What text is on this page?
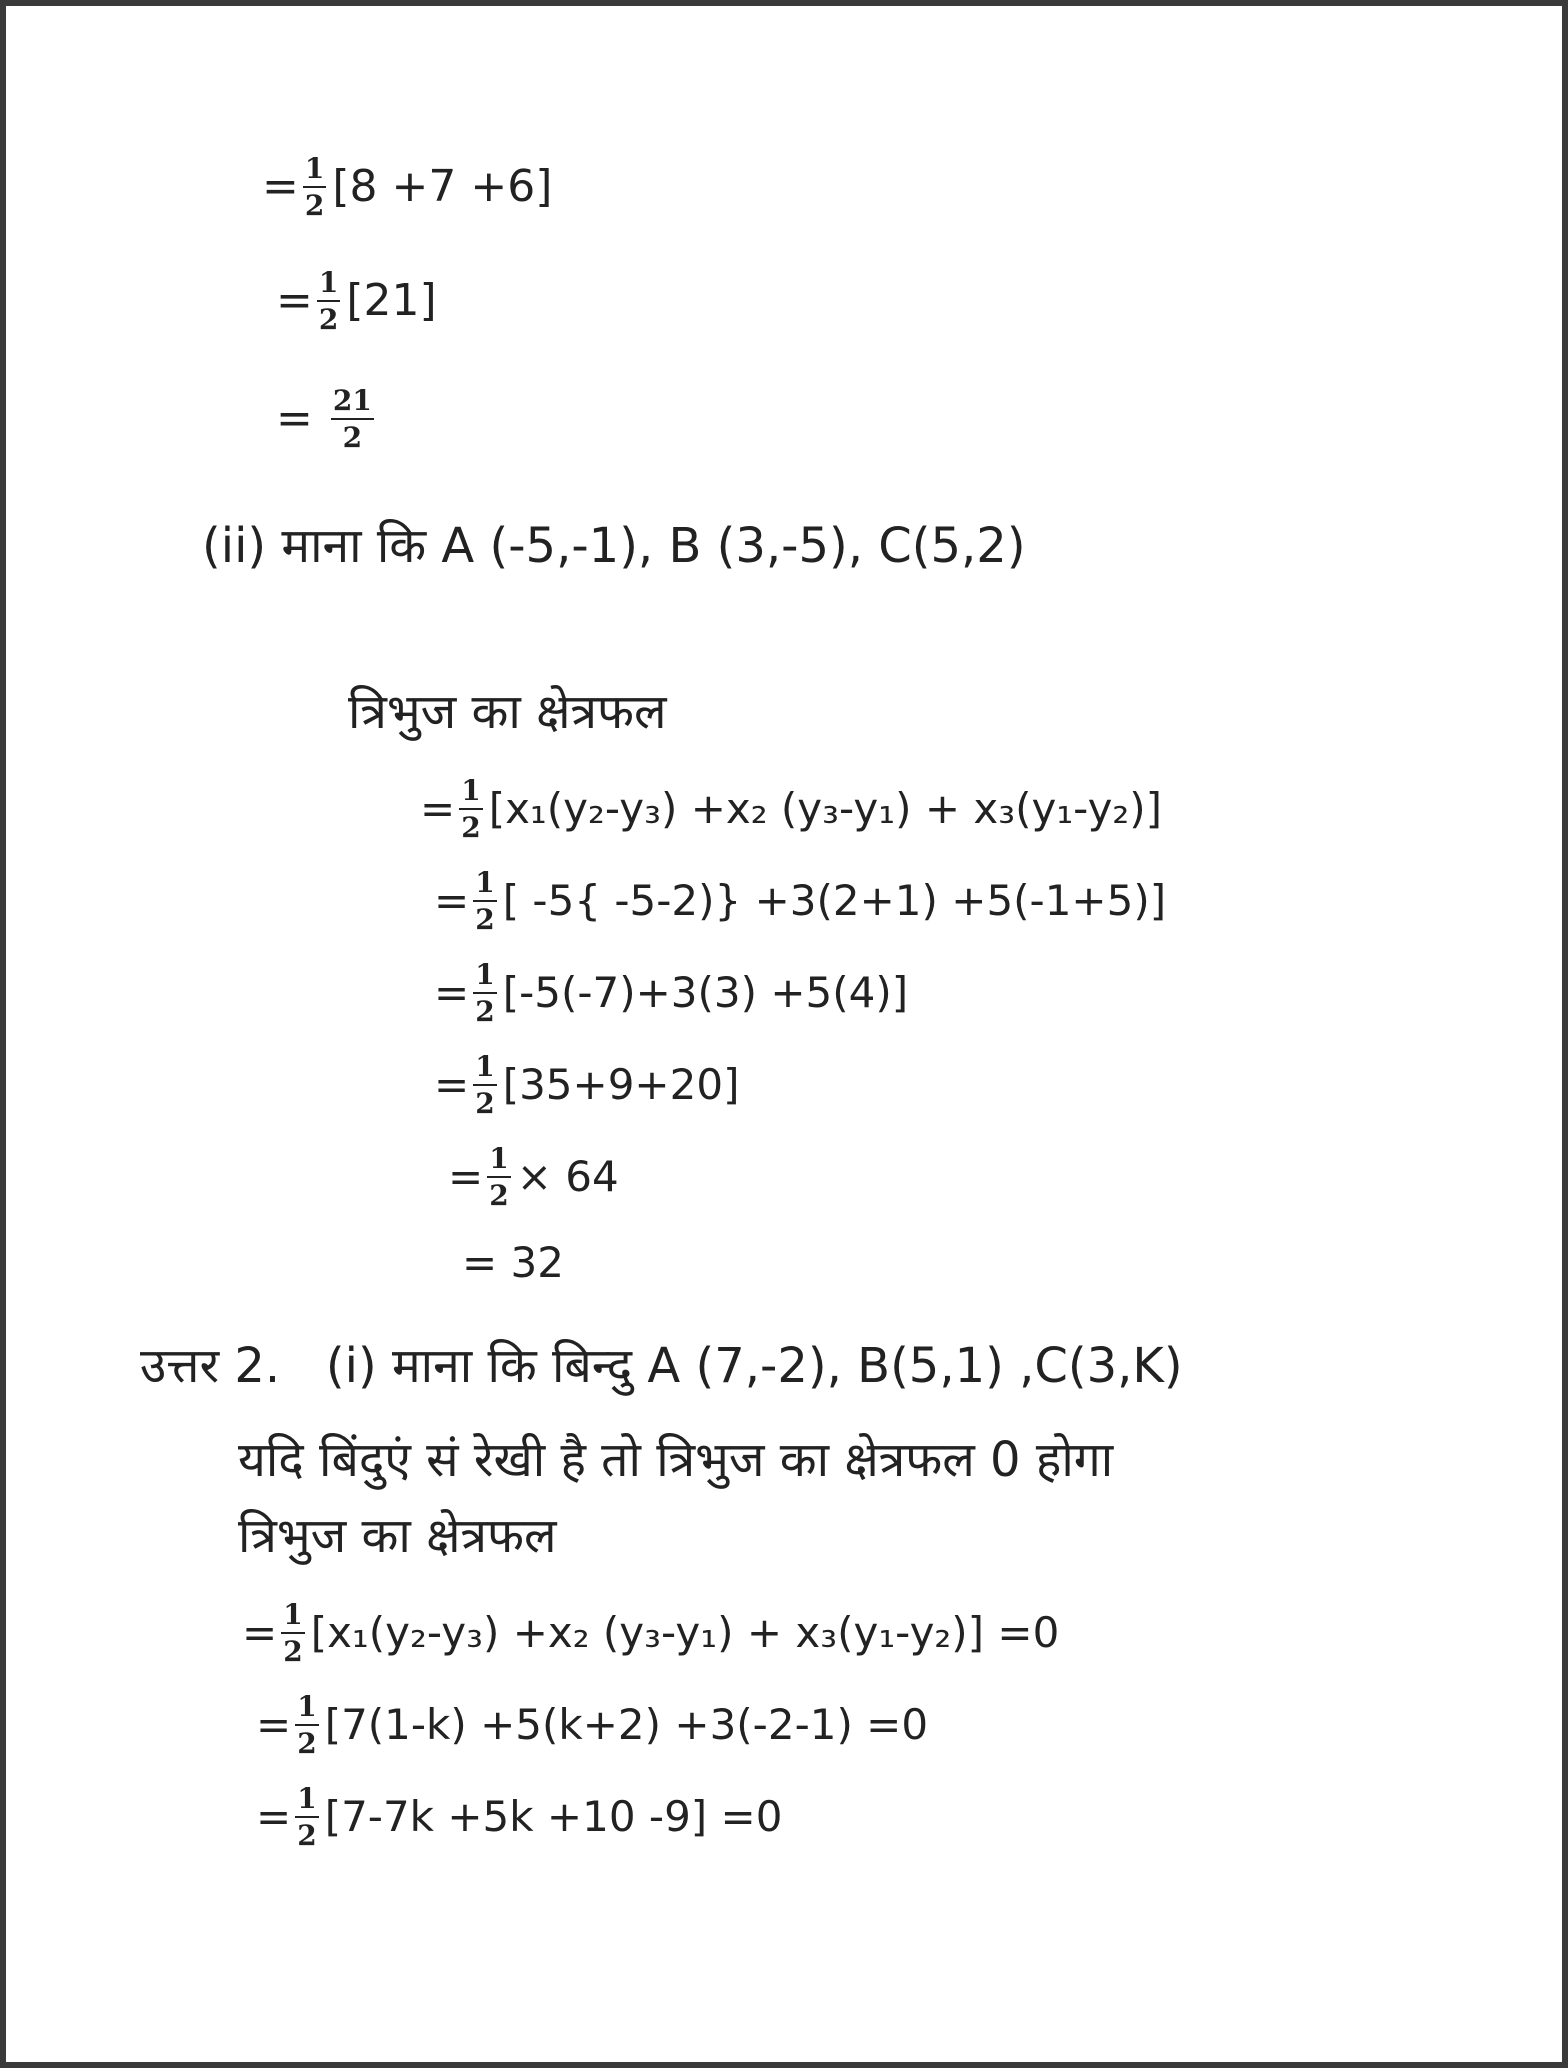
= $\frac{1}{2} [8 +7 +6]$
= $\frac{1}{2} [21]$
= $\frac{21}{2}$
(ii) माना कि A (-5,-1), B (3,-5), C(5,2)
त्रिभुज का क्षेत्रफल
= $\frac{1}{2} [x_1(y_2-y_3) +x_2$ (y₃-y₁) + x₃(y₁-y₂)]
= $\frac{1}{2}$ [ -5{ -5-2)} +3(2+1) +5(-1+5)]
= $\frac{1}{2} [-5(-7)+3(3) +5(4)]$
= $\frac{1}{2} [35+9+20]$
= $\frac{1}{2} \times 64$
= 32
उत्तर 2.   (i) माना कि बिन्दु A (7,-2), B(5,1) ,C(3,K)
यदि बिंदुएं सं रेखी है तो त्रिभुज का क्षेत्रफल 0 होगा
त्रिभुज का क्षेत्रफल
= $\frac{1}{2} [x_1(y_2-y_3) +x_2$ (y₃-y₁) + x₃(y₁-y₂)] =0
= $\frac{1}{2} [7(1-k) +5(k+2) +3(-2-1) =0$
= $\frac{1}{2} [7-7k +5k +10$ -9] =0
